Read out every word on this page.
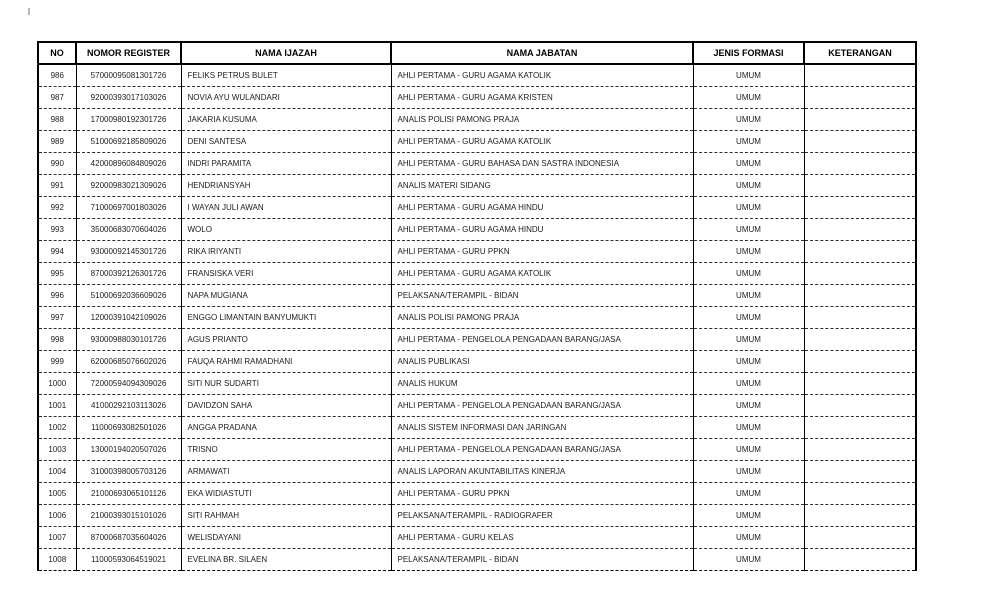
NO	NOMOR REGISTER	NAMA IJAZAH	NAMA JABATAN	JENIS FORMASI	KETERANGAN
986	57000095081301726	FELIKS PETRUS BULET	AHLI PERTAMA - GURU AGAMA KATOLIK	UMUM	
987	92000393017103026	NOVIA AYU WULANDARI	AHLI PERTAMA - GURU AGAMA KRISTEN	UMUM	
988	17000980192301726	JAKARIA KUSUMA	ANALIS POLISI PAMONG PRAJA	UMUM	
989	51000692185809026	DENI SANTESA	AHLI PERTAMA - GURU AGAMA KATOLIK	UMUM	
990	42000896084809026	INDRI PARAMITA	AHLI PERTAMA - GURU BAHASA DAN SASTRA INDONESIA	UMUM	
991	92000983021309026	HENDRIANSYAH	ANALIS MATERI SIDANG	UMUM	
992	71000697001803026	I WAYAN JULI AWAN	AHLI PERTAMA - GURU AGAMA HINDU	UMUM	
993	35000683070604026	WOLO	AHLI PERTAMA - GURU AGAMA HINDU	UMUM	
994	93000092145301726	RIKA IRIYANTI	AHLI PERTAMA - GURU PPKN	UMUM	
995	87000392126301726	FRANSISKA VERI	AHLI PERTAMA - GURU AGAMA KATOLIK	UMUM	
996	51000692036609026	NAPA MUGIANA	PELAKSANA/TERAMPIL - BIDAN	UMUM	
997	12000391042109026	ENGGO LIMANTAIN BANYUMUKTI	ANALIS POLISI PAMONG PRAJA	UMUM	
998	93000988030101726	AGUS PRIANTO	AHLI PERTAMA - PENGELOLA PENGADAAN BARANG/JASA	UMUM	
999	62000685076602026	FAUQA RAHMI RAMADHANI	ANALIS PUBLIKASI	UMUM	
1000	72000594094309026	SITI NUR SUDARTI	ANALIS HUKUM	UMUM	
1001	41000292103113026	DAVIDZON SAHA	AHLI PERTAMA - PENGELOLA PENGADAAN BARANG/JASA	UMUM	
1002	11000693082501026	ANGGA PRADANA	ANALIS SISTEM INFORMASI DAN JARINGAN	UMUM	
1003	13000194020507026	TRISNO	AHLI PERTAMA - PENGELOLA PENGADAAN BARANG/JASA	UMUM	
1004	31000398005703126	ARMAWATI	ANALIS LAPORAN AKUNTABILITAS KINERJA	UMUM	
1005	21000693065101126	EKA WIDIASTUTI	AHLI PERTAMA - GURU PPKN	UMUM	
1006	21000393015101026	SITI RAHMAH	PELAKSANA/TERAMPIL - RADIOGRAFER	UMUM	
1007	87000687035604026	WELISDAYANI	AHLI PERTAMA - GURU KELAS	UMUM	
1008	11000593064519021	EVELINA BR. SILAEN	PELAKSANA/TERAMPIL - BIDAN	UMUM	
